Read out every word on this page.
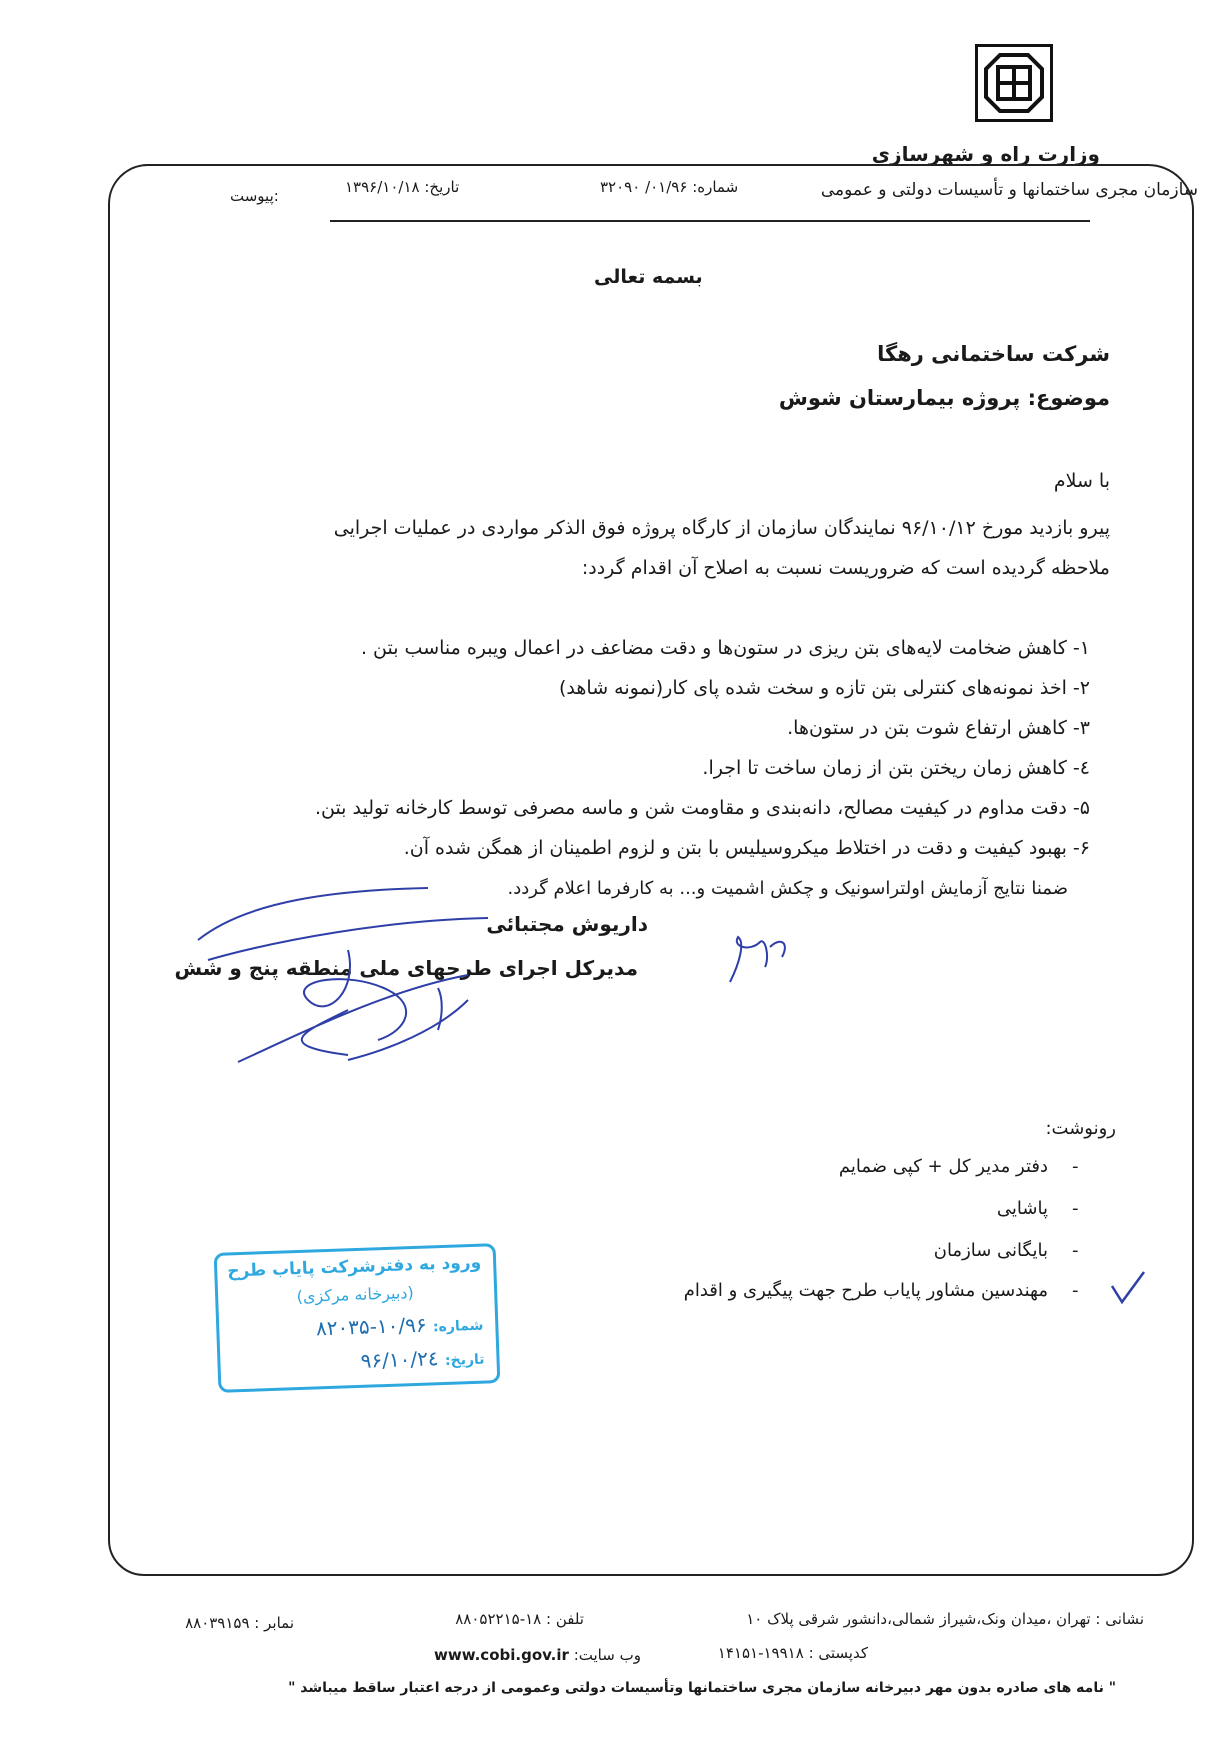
وزارت راه و شهرسازی
سازمان مجری ساختمانها و تأسیسات دولتی و عمومی
شماره: ۰۱/۹۶/ ۳۲۰۹۰
تاریخ: ۱۳۹۶/۱۰/۱۸
پیوست:
بسمه تعالی
شرکت ساختمانی رهگا
موضوع: پروژه بیمارستان شوش
با سلام
پیرو بازدید مورخ ۹۶/۱۰/۱۲ نمایندگان سازمان از کارگاه پروژه فوق الذکر مواردی در عملیات اجرایی
ملاحظه گردیده است که ضروریست نسبت به اصلاح آن اقدام گردد:
۱- کاهش ضخامت لایه‌های بتن ریزی در ستون‌ها و دقت مضاعف در اعمال ویبره مناسب بتن .
۲- اخذ نمونه‌های کنترلی بتن تازه و سخت شده پای کار(نمونه شاهد)
۳- کاهش ارتفاع شوت بتن در ستون‌ها.
٤- کاهش زمان ریختن بتن از زمان ساخت تا اجرا.
۵- دقت مداوم در کیفیت مصالح، دانه‌بندی و مقاومت شن و ماسه مصرفی توسط کارخانه تولید بتن.
۶- بهبود کیفیت و دقت در اختلاط میکروسیلیس با بتن و لزوم اطمینان از همگن شده آن.
ضمنا نتایج آزمایش اولتراسونیک و چکش اشمیت و... به کارفرما اعلام گردد.
داریوش مجتبائی
مدیرکل اجرای طرحهای ملی منطقه پنج و شش
رونوشت:
-
دفتر مدیر کل + کپی ضمایم
-
پاشایی
-
بایگانی سازمان
-
مهندسین مشاور پایاب طرح جهت پیگیری و اقدام
ورود به دفترشرکت پایاب طرح
(دبیرخانه مرکزی)
شماره: ۱۰/۹۶-۸۲۰۳۵
تاریخ: ۹۶/۱۰/۲٤
نشانی : تهران ،میدان ونک،شیراز شمالی،دانشور شرقی پلاک ۱۰
تلفن : ۱۸-۸۸۰۵۲۲۱۵
نمابر : ۸۸۰۳۹۱۵۹
کدپستی : ۱۹۹۱۸-۱۴۱۵۱
وب سایت: www.cobi.gov.ir
" نامه های صادره بدون مهر دبیرخانه سازمان مجری ساختمانها وتأسیسات دولتی وعمومی از درجه اعتبار ساقط میباشد "
